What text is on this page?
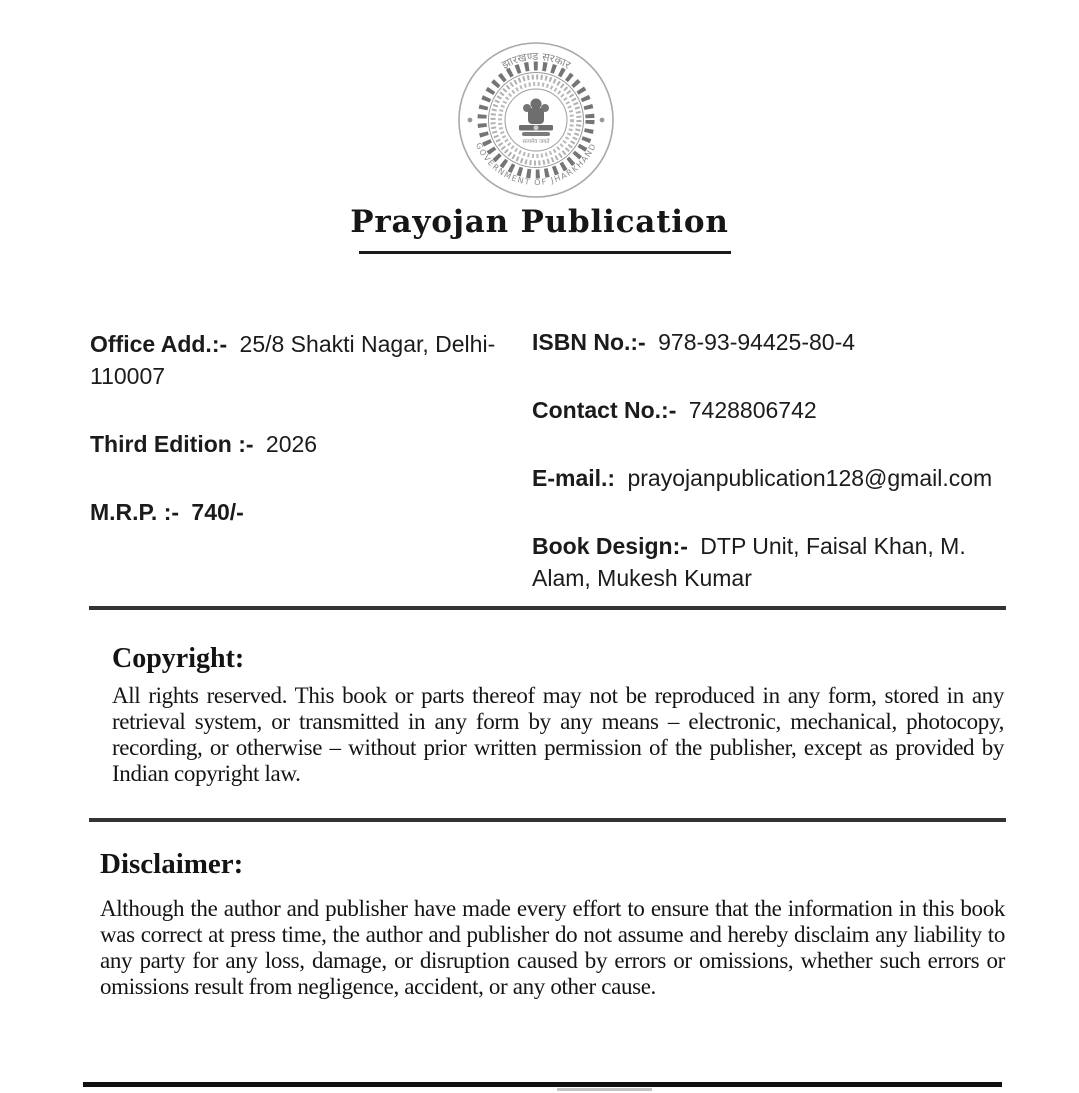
झारखण्ड सरकार
GOVERNMENT OF JHARKHAND
सत्यमेव जयते
Prayojan Publication

Office Add.:- 25/8 Shakti Nagar, Delhi-110007

Third Edition :- 2026

M.R.P. :- 740/-

ISBN No.:- 978-93-94425-80-4

Contact No.:- 7428806742

E-mail.: prayojanpublication128@gmail.com

Book Design:- DTP Unit, Faisal Khan, M. Alam, Mukesh Kumar

Copyright:

All rights reserved. This book or parts thereof may not be reproduced in any form, stored in any retrieval system, or transmitted in any form by any means – electronic, mechanical, photocopy, recording, or otherwise – without prior written permission of the publisher, except as provided by Indian copyright law.

Disclaimer:

Although the author and publisher have made every effort to ensure that the information in this book was correct at press time, the author and publisher do not assume and hereby disclaim any liability to any party for any loss, damage, or disruption caused by errors or omissions, whether such errors or omissions result from negligence, accident, or any other cause.
